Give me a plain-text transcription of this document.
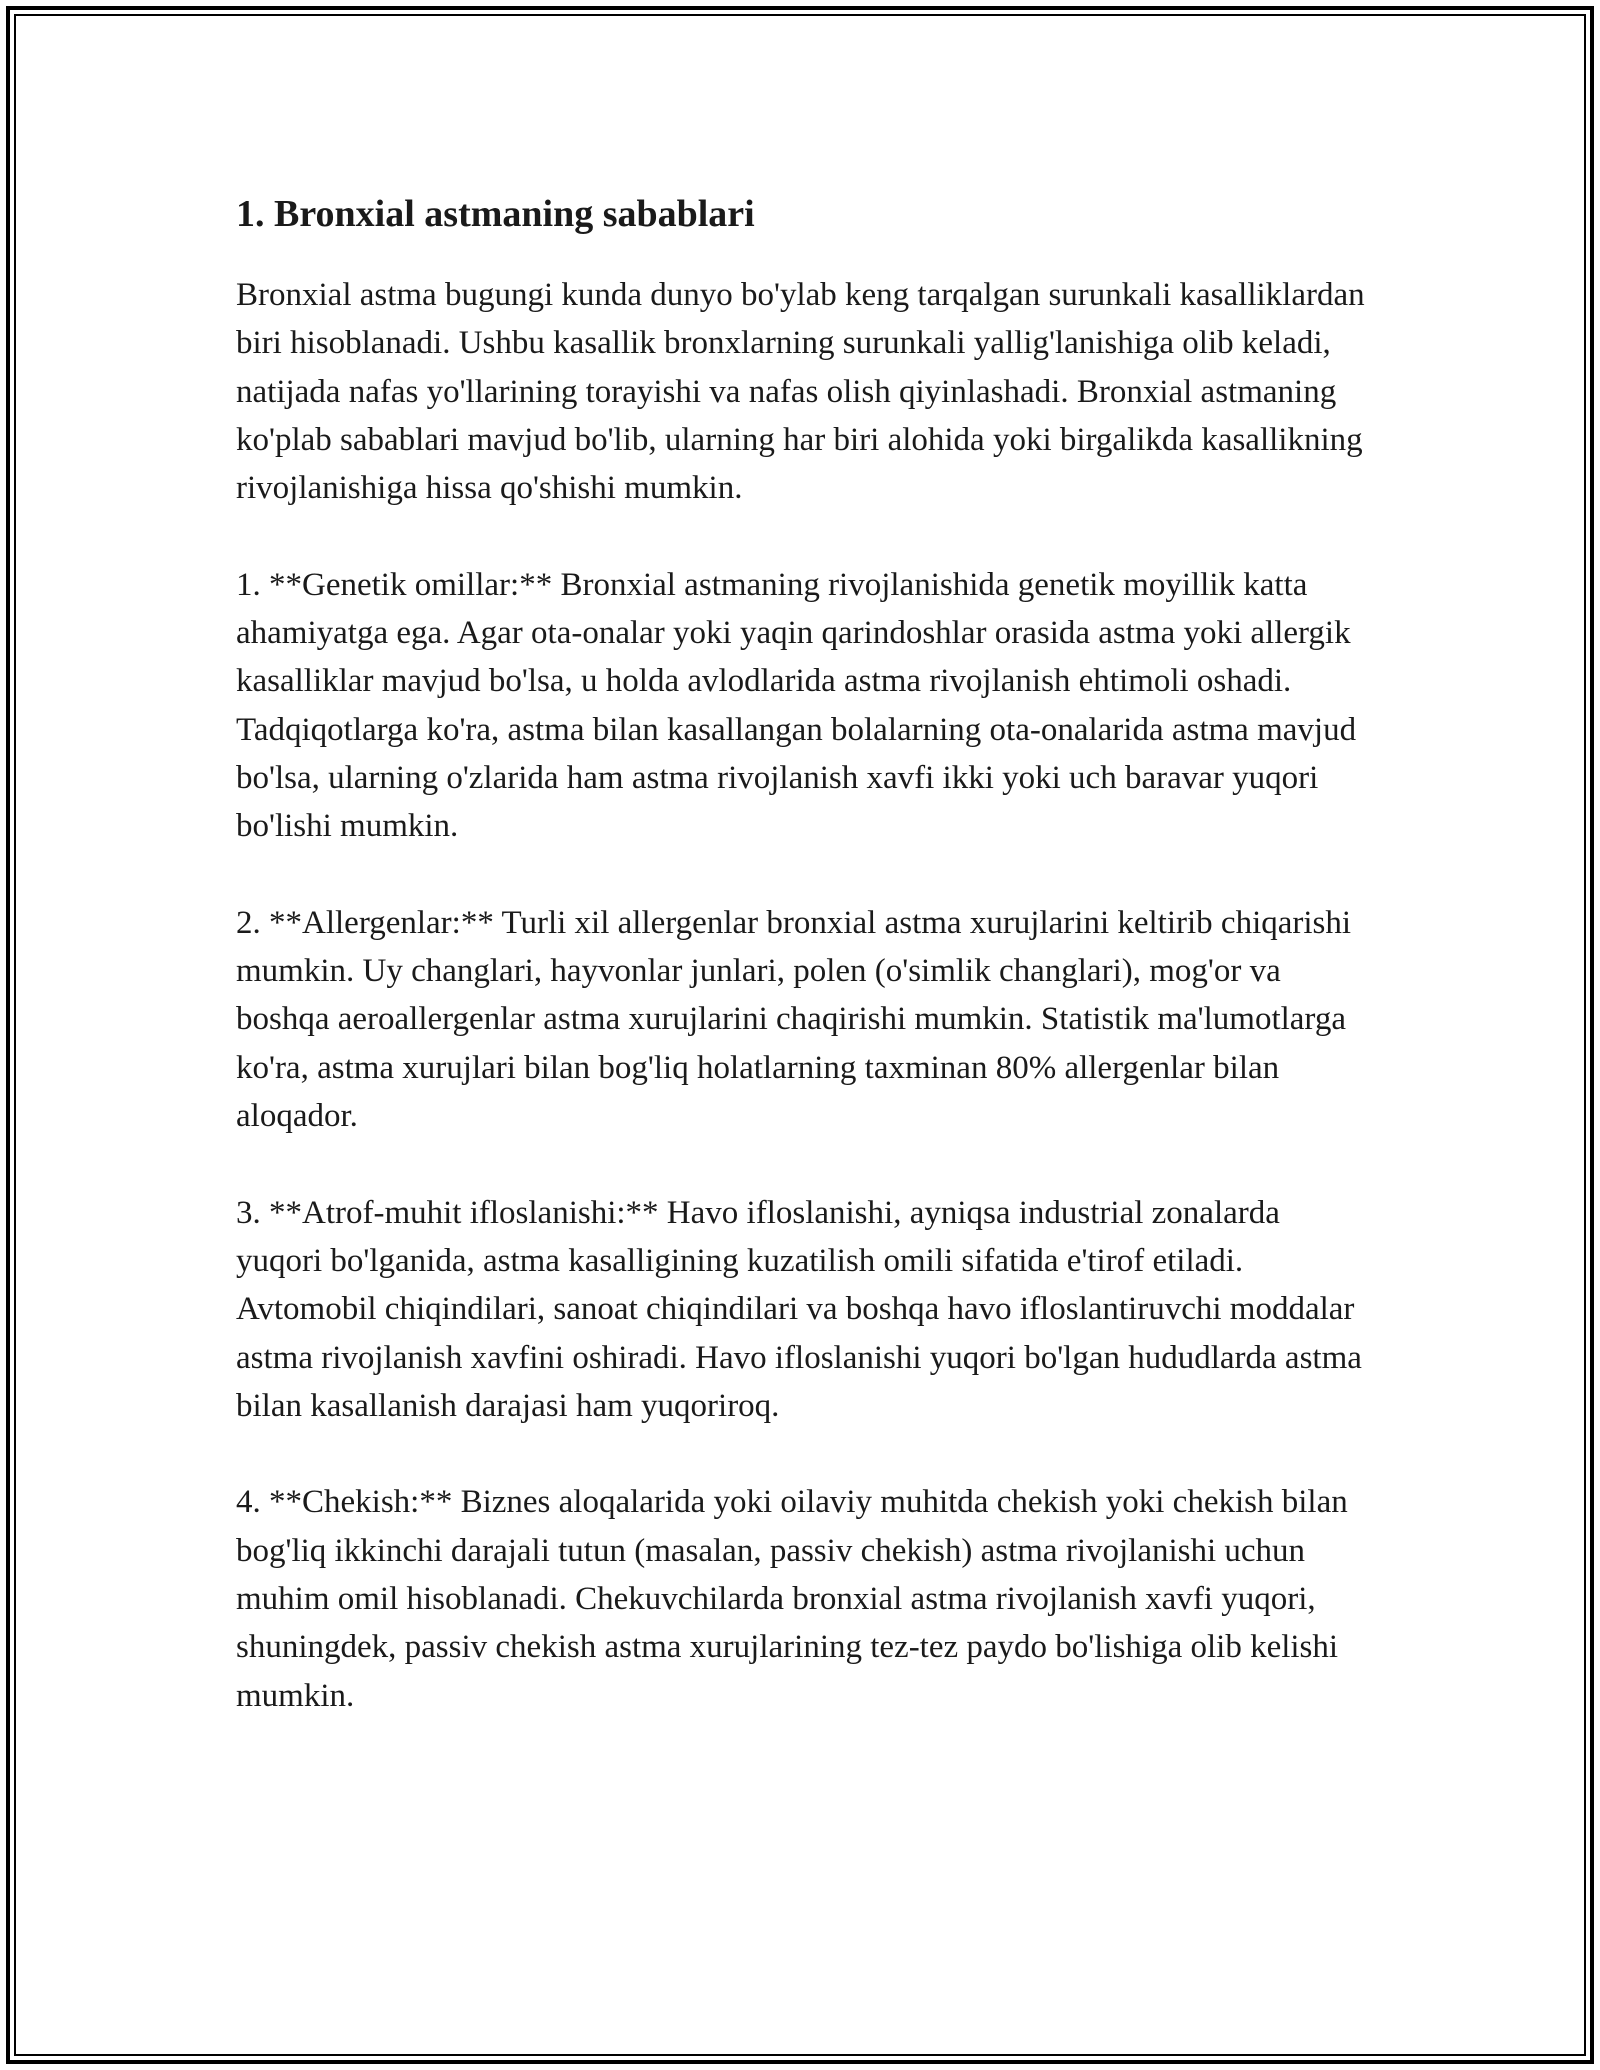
1. Bronxial astmaning sabablari

Bronxial astma bugungi kunda dunyo bo'ylab keng tarqalgan surunkali kasalliklardan biri hisoblanadi. Ushbu kasallik bronxlarning surunkali yallig'lanishiga olib keladi, natijada nafas yo'llarining torayishi va nafas olish qiyinlashadi. Bronxial astmaning ko'plab sabablari mavjud bo'lib, ularning har biri alohida yoki birgalikda kasallikning rivojlanishiga hissa qo'shishi mumkin.

1. **Genetik omillar:** Bronxial astmaning rivojlanishida genetik moyillik katta ahamiyatga ega. Agar ota-onalar yoki yaqin qarindoshlar orasida astma yoki allergik kasalliklar mavjud bo'lsa, u holda avlodlarida astma rivojlanish ehtimoli oshadi. Tadqiqotlarga ko'ra, astma bilan kasallangan bolalarning ota-onalarida astma mavjud bo'lsa, ularning o'zlarida ham astma rivojlanish xavfi ikki yoki uch baravar yuqori bo'lishi mumkin.

2. **Allergenlar:** Turli xil allergenlar bronxial astma xurujlarini keltirib chiqarishi mumkin. Uy changlari, hayvonlar junlari, polen (o'simlik changlari), mog'or va boshqa aeroallergenlar astma xurujlarini chaqirishi mumkin. Statistik ma'lumotlarga ko'ra, astma xurujlari bilan bog'liq holatlarning taxminan 80% allergenlar bilan aloqador.

3. **Atrof-muhit ifloslanishi:** Havo ifloslanishi, ayniqsa industrial zonalarda yuqori bo'lganida, astma kasalligining kuzatilish omili sifatida e'tirof etiladi. Avtomobil chiqindilari, sanoat chiqindilari va boshqa havo ifloslantiruvchi moddalar astma rivojlanish xavfini oshiradi. Havo ifloslanishi yuqori bo'lgan hududlarda astma bilan kasallanish darajasi ham yuqoriroq.

4. **Chekish:** Biznes aloqalarida yoki oilaviy muhitda chekish yoki chekish bilan bog'liq ikkinchi darajali tutun (masalan, passiv chekish) astma rivojlanishi uchun muhim omil hisoblanadi. Chekuvchilarda bronxial astma rivojlanish xavfi yuqori, shuningdek, passiv chekish astma xurujlarining tez-tez paydo bo'lishiga olib kelishi mumkin.
